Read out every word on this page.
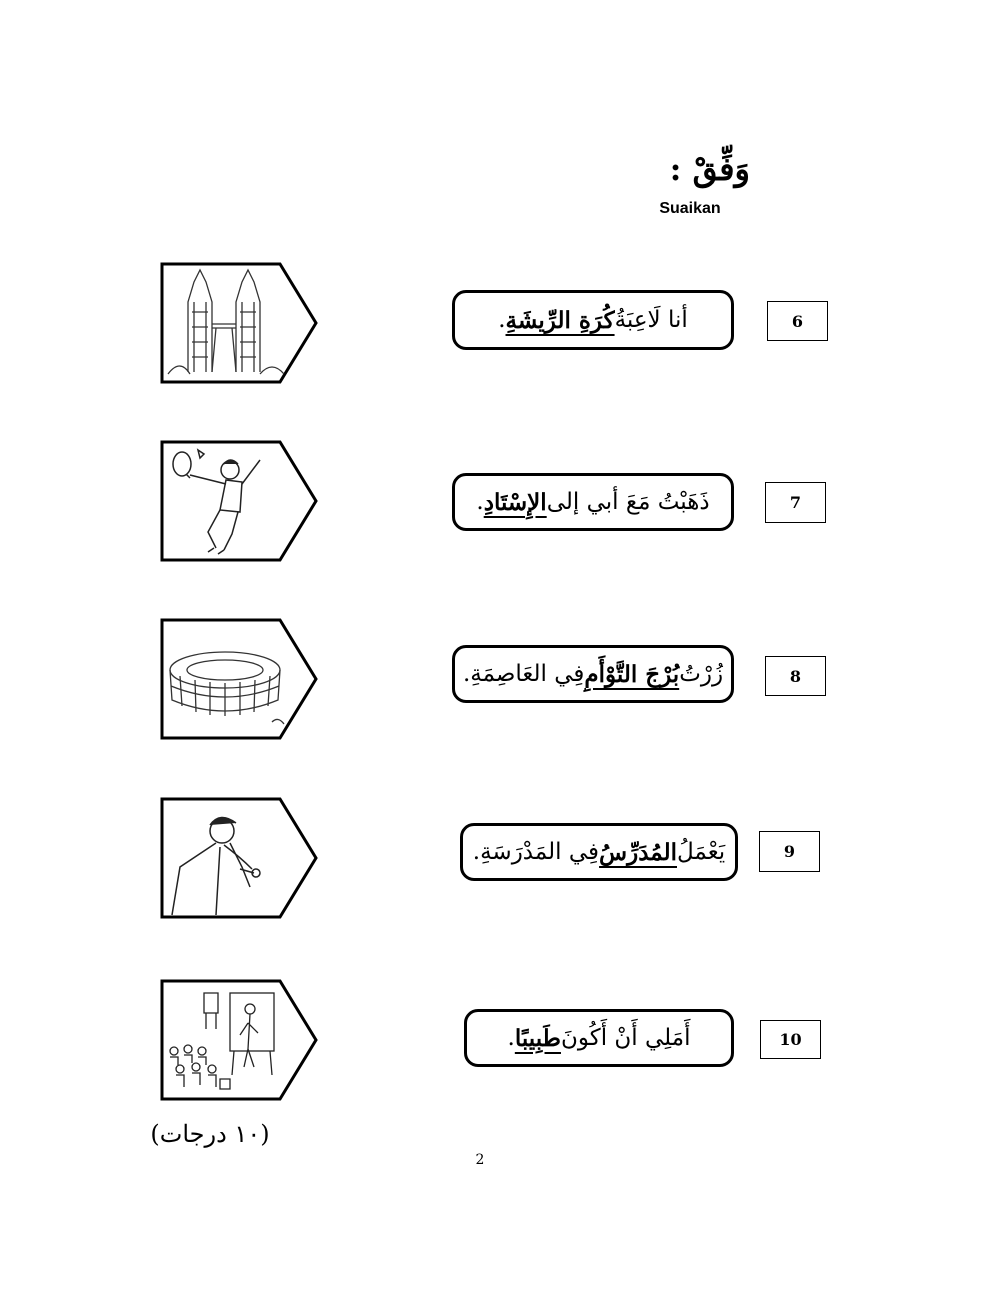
وَفِّقْ :
Suaikan
أنا لَاعِبَةُ
كُرَةِ الرِّيشَةِ
.	6
ذَهَبْتُ مَعَ أبي إلى
الإِسْتَادِ
.	7
زُرْتُ
بُرْجَ التَّوْأَمِ
فِي العَاصِمَةِ.	8
يَعْمَلُ
المُدَرِّسُ
فِي المَدْرَسَةِ.	9
أَمَلِي أَنْ أَكُونَ
طَبِيبًا
.	10
(١٠ درجات)
2
